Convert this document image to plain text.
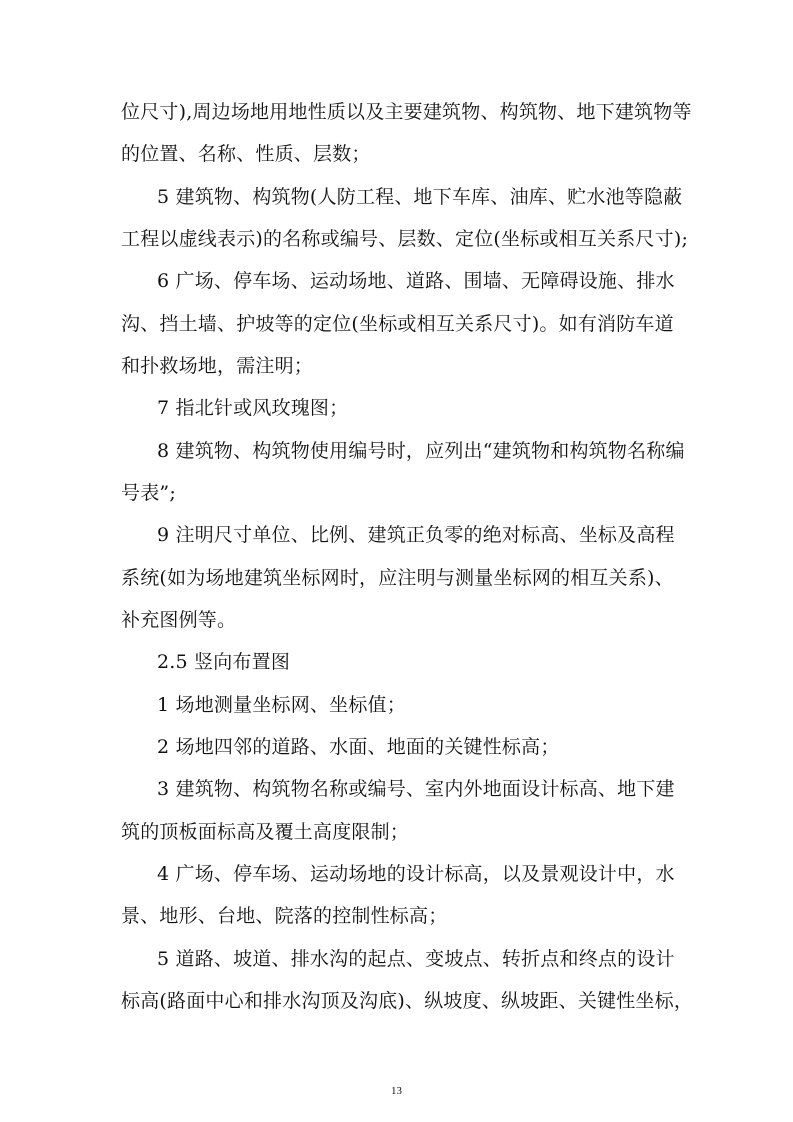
位尺寸),周边场地用地性质以及主要建筑物、构筑物、地下建筑物等
的位置、名称、性质、层数；
5 建筑物、构筑物(人防工程、地下车库、油库、贮水池等隐蔽
工程以虚线表示)的名称或编号、层数、定位(坐标或相互关系尺寸);
6 广场、停车场、运动场地、道路、围墙、无障碍设施、排水
沟、挡土墙、护坡等的定位(坐标或相互关系尺寸)。如有消防车道
和扑救场地，需注明；
7 指北针或风玫瑰图；
8 建筑物、构筑物使用编号时，应列出“建筑物和构筑物名称编
号表”;
9 注明尺寸单位、比例、建筑正负零的绝对标高、坐标及高程
系统(如为场地建筑坐标网时，应注明与测量坐标网的相互关系)、
补充图例等。
2.5 竖向布置图
1 场地测量坐标网、坐标值；
2 场地四邻的道路、水面、地面的关键性标高；
3 建筑物、构筑物名称或编号、室内外地面设计标高、地下建
筑的顶板面标高及覆土高度限制；
4 广场、停车场、运动场地的设计标高，以及景观设计中，水
景、地形、台地、院落的控制性标高；
5 道路、坡道、排水沟的起点、变坡点、转折点和终点的设计
标高(路面中心和排水沟顶及沟底)、纵坡度、纵坡距、关键性坐标，
13
